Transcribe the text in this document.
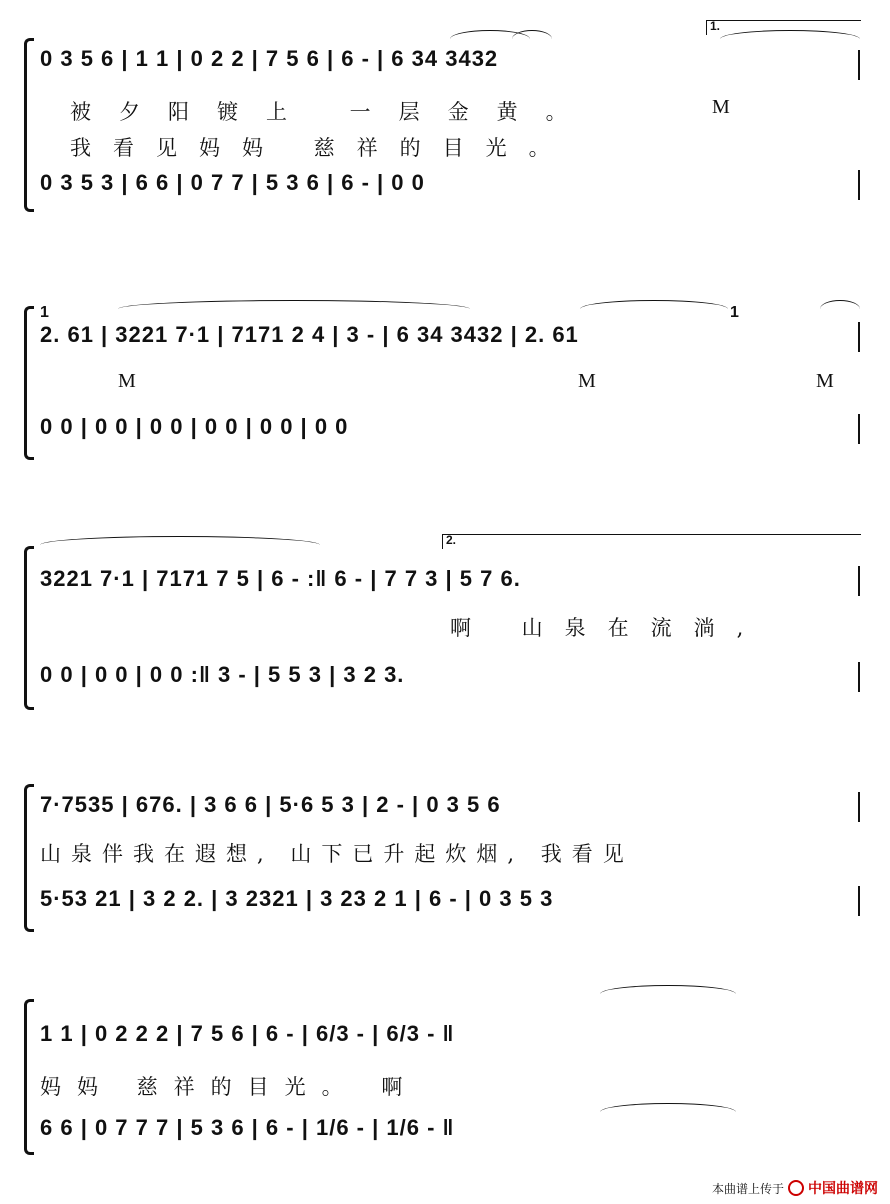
1.
0 3 5 6 | 1 1 | 0 2 2 | 7 5 6 | 6 - | 6 34 3432
被夕阳镀上 一层金黄。	M
我看见妈妈 慈祥的目光。
0 3 5 3 | 6 6 | 0 7 7 | 5 3 6 | 6 - | 0 0
1	1
2. 61 | 3221 7·1 | 7171 2 4 | 3 - | 6 34 3432 | 2. 61
M	M	M
0 0 | 0 0 | 0 0 | 0 0 | 0 0 | 0 0
2.
3221 7·1 | 7171 7 5 | 6 - :‖ 6 - | 7 7 3 | 5 7 6.
啊 山泉在流淌,
0 0 | 0 0 | 0 0 :‖ 3 - | 5 5 3 | 3 2 3.
7·7535 | 676. | 3 6 6 | 5·6 5 3 | 2 - | 0 3 5 6
山泉伴我在遐想, 山下已升起炊烟, 我看见
5·53 21 | 3 2 2. | 3 2321 | 3 23 2 1 | 6 - | 0 3 5 3
1 1 | 0 2 2 2 | 7 5 6 | 6 - | 6/3 - | 6/3 - ‖
妈妈 慈祥的目光。 啊
6 6 | 0 7 7 7 | 5 3 6 | 6 - | 1/6 - | 1/6 - ‖
本曲谱上传于 中国曲谱网
